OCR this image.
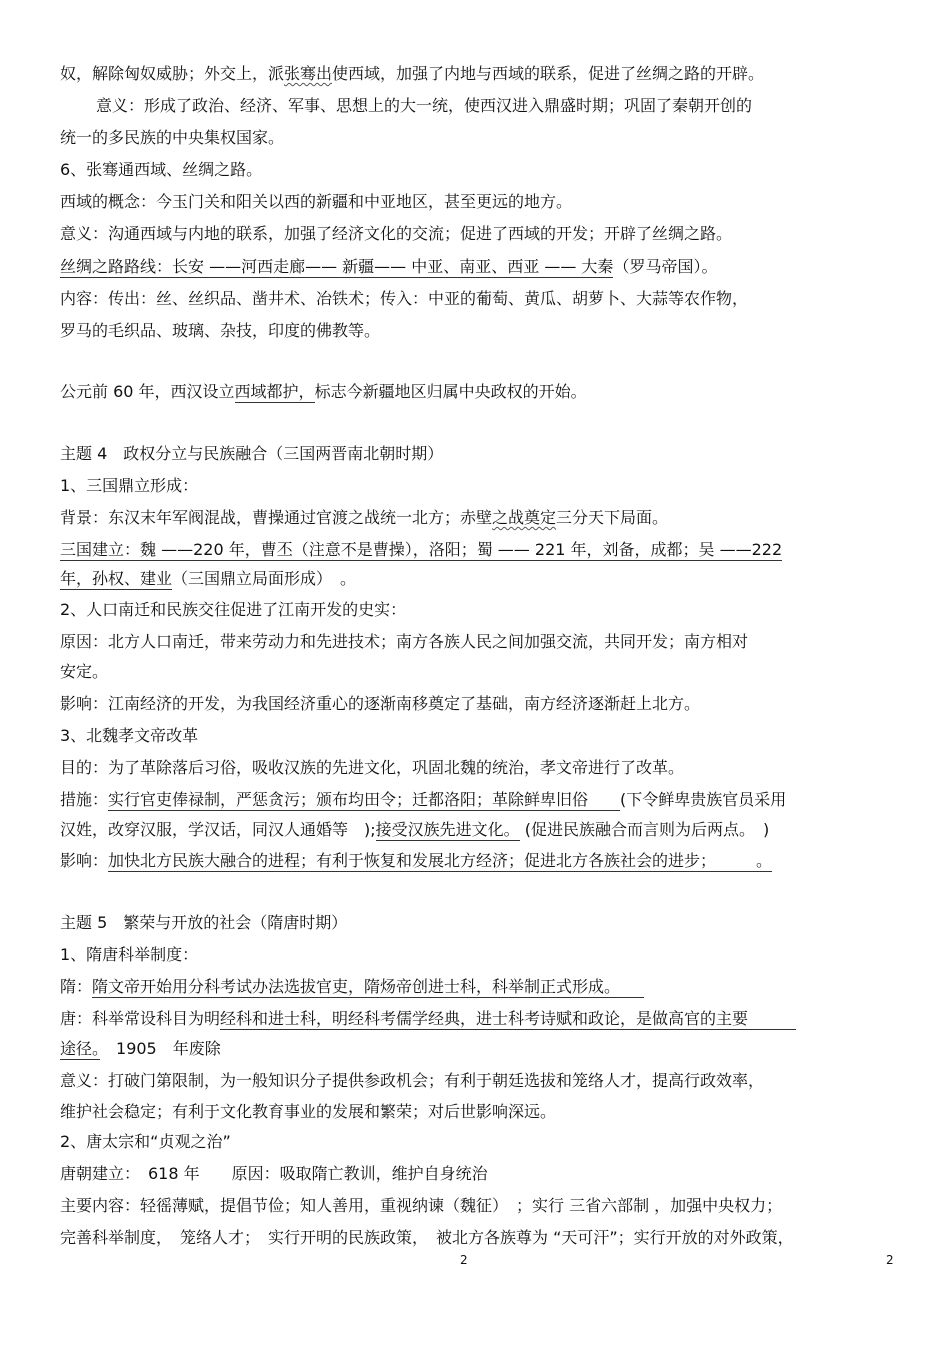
奴，解除匈奴威胁；外交上，派张骞出使西域，加强了内地与西域的联系，促进了丝绸之路的开辟。
意义：形成了政治、经济、军事、思想上的大一统，使西汉进入鼎盛时期；巩固了秦朝开创的
统一的多民族的中央集权国家。
6、张骞通西域、丝绸之路。
西域的概念：今玉门关和阳关以西的新疆和中亚地区，甚至更远的地方。
意义：沟通西域与内地的联系，加强了经济文化的交流；促进了西域的开发；开辟了丝绸之路。
丝绸之路路线：长安 ——河西走廊—— 新疆—— 中亚、南亚、西亚 —— 大秦（罗马帝国）。
内容：传出：丝、丝织品、凿井术、冶铁术；传入：中亚的葡萄、黄瓜、胡萝卜、大蒜等农作物，
罗马的毛织品、玻璃、杂技，印度的佛教等。
公元前 60 年，西汉设立西域都护，标志今新疆地区归属中央政权的开始。
主题 4　政权分立与民族融合（三国两晋南北朝时期）
1、三国鼎立形成：
背景：东汉末年军阀混战，曹操通过官渡之战统一北方；赤壁之战奠定三分天下局面。
三国建立：魏 ——220 年，曹丕（注意不是曹操），洛阳；蜀 —— 221 年，刘备，成都；吴 ——222
年，孙权、建业（三国鼎立局面形成）　。
2、人口南迁和民族交往促进了江南开发的史实：
原因：北方人口南迁，带来劳动力和先进技术；南方各族人民之间加强交流，共同开发；南方相对
安定。
影响：江南经济的开发，为我国经济重心的逐渐南移奠定了基础，南方经济逐渐赶上北方。
3、北魏孝文帝改革
目的：为了革除落后习俗，吸收汉族的先进文化，巩固北魏的统治，孝文帝进行了改革。
措施：实行官吏俸禄制，严惩贪污；颁布均田令；迁都洛阳；革除鲜卑旧俗　　(下令鲜卑贵族官员采用
汉姓，改穿汉服，学汉话，同汉人通婚等　);接受汉族先进文化。 (促进民族融合而言则为后两点。　)
影响：加快北方民族大融合的进程；有利于恢复和发展北方经济；促进北方各族社会的进步；　　　。
主题 5　繁荣与开放的社会（隋唐时期）
1、隋唐科举制度：
隋：隋文帝开始用分科考试办法选拔官吏，隋炀帝创进士科，科举制正式形成。　　
唐：科举常设科目为明经科和进士科，明经科考儒学经典，进士科考诗赋和政论，是做高官的主要　　　
途径。　1905　年废除
意义：打破门第限制，为一般知识分子提供参政机会；有利于朝廷选拔和笼络人才，提高行政效率，
维护社会稳定；有利于文化教育事业的发展和繁荣；对后世影响深远。
2、唐太宗和“贞观之治”
唐朝建立：　618 年　　原因：吸取隋亡教训，维护自身统治
主要内容：轻徭薄赋，提倡节俭；知人善用，重视纳谏（魏征）　；实行 三省六部制 ，加强中央权力；
完善科举制度，　笼络人才；　实行开明的民族政策，　被北方各族尊为 “天可汗”；实行开放的对外政策，
2	2
